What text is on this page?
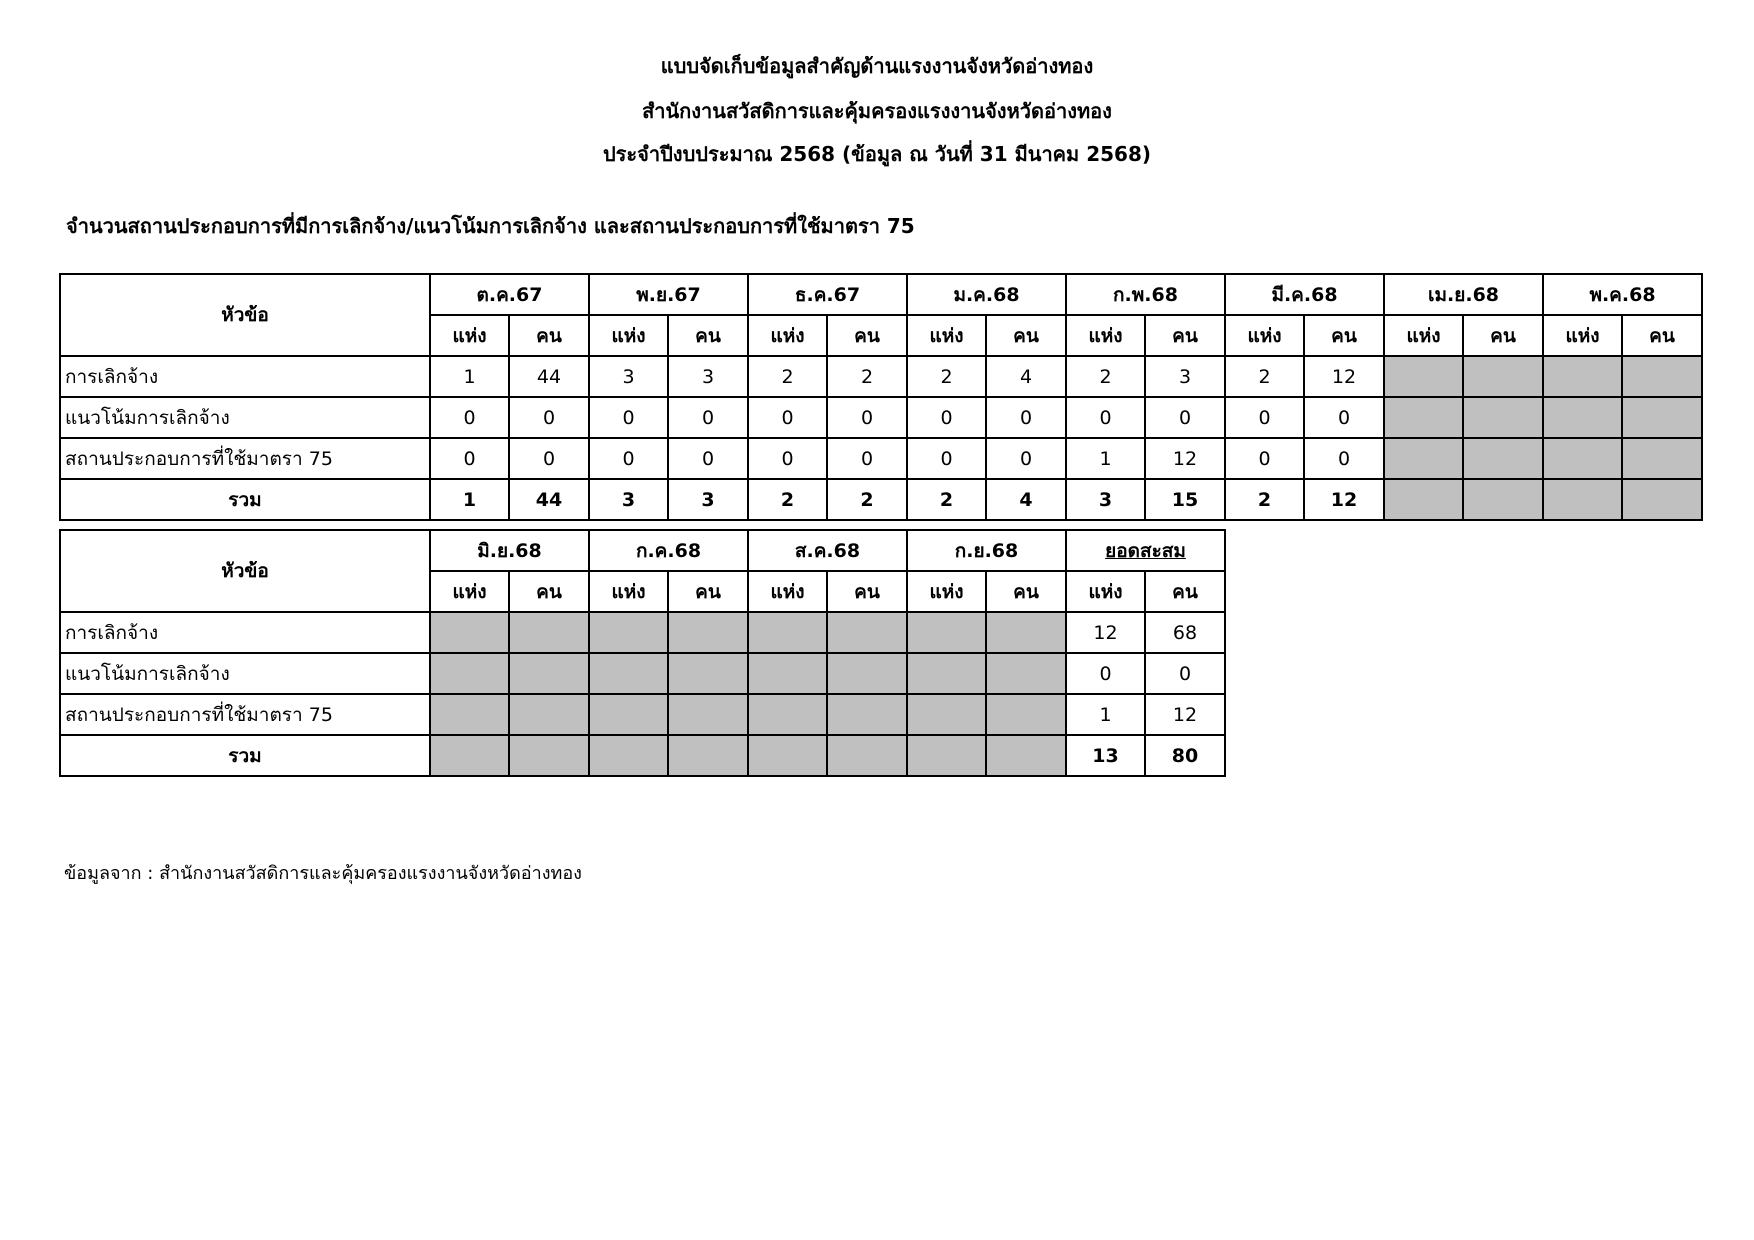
แบบจัดเก็บข้อมูลสำคัญด้านแรงงานจังหวัดอ่างทอง
สำนักงานสวัสดิการและคุ้มครองแรงงานจังหวัดอ่างทอง
ประจำปีงบประมาณ 2568 (ข้อมูล ณ วันที่ 31 มีนาคม 2568)
จำนวนสถานประกอบการที่มีการเลิกจ้าง/แนวโน้มการเลิกจ้าง และสถานประกอบการที่ใช้มาตรา 75
หัวข้อ	ต.ค.67		พ.ย.67		ธ.ค.67		ม.ค.68		ก.พ.68		มี.ค.68		เม.ย.68		พ.ค.68	
	แห่ง	คน	แห่ง	คน	แห่ง	คน	แห่ง	คน	แห่ง	คน	แห่ง	คน	แห่ง	คน	แห่ง	คน
การเลิกจ้าง	1	44	3	3	2	2	2	4	2	3	2	12				
แนวโน้มการเลิกจ้าง	0	0	0	0	0	0	0	0	0	0	0	0				
สถานประกอบการที่ใช้มาตรา 75	0	0	0	0	0	0	0	0	1	12	0	0				
รวม	1	44	3	3	2	2	2	4	3	15	2	12				
หัวข้อ	มิ.ย.68		ก.ค.68		ส.ค.68		ก.ย.68		ยอดสะสม	
	แห่ง	คน	แห่ง	คน	แห่ง	คน	แห่ง	คน	แห่ง	คน
การเลิกจ้าง									12	68
แนวโน้มการเลิกจ้าง									0	0
สถานประกอบการที่ใช้มาตรา 75									1	12
รวม									13	80
ข้อมูลจาก : สำนักงานสวัสดิการและคุ้มครองแรงงานจังหวัดอ่างทอง
